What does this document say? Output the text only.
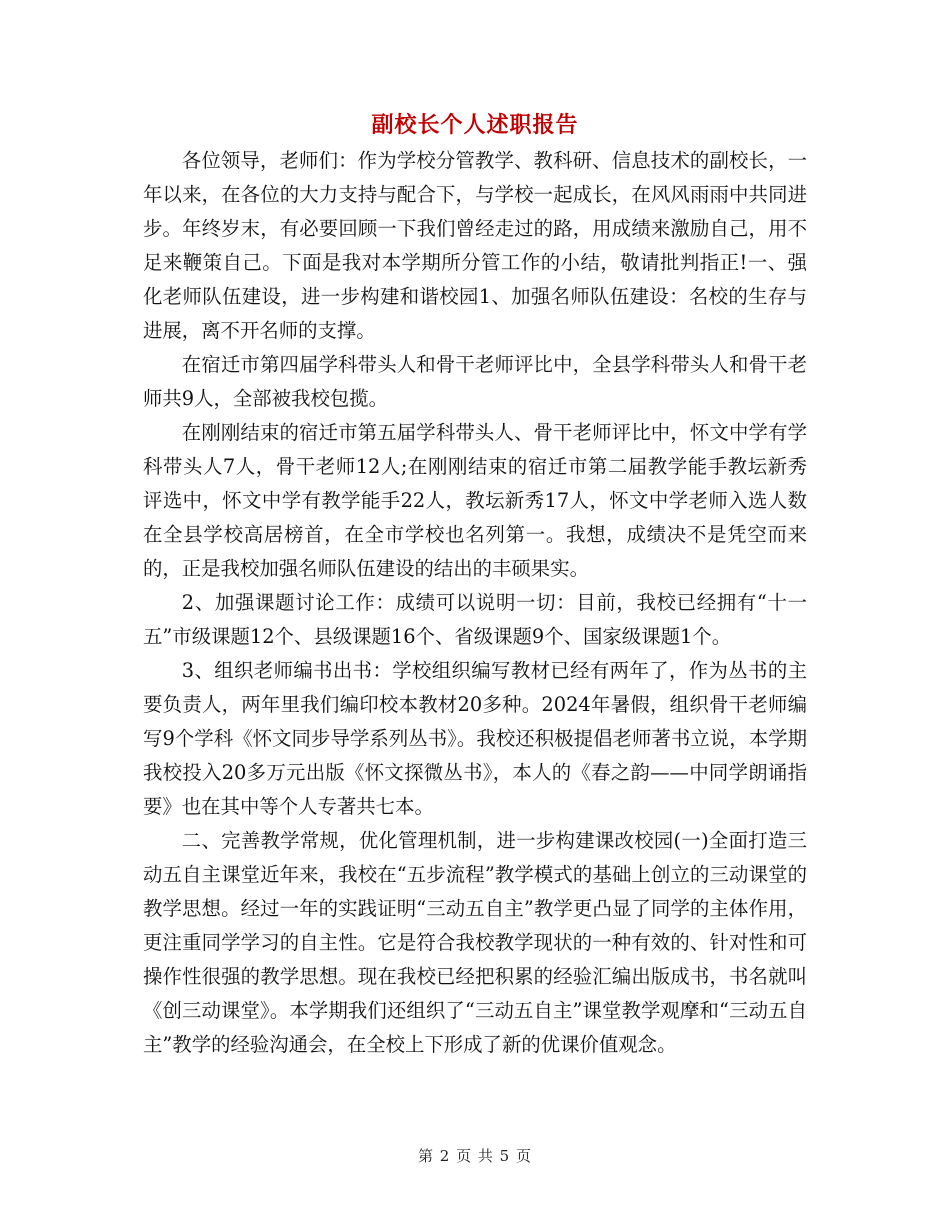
副校长个人述职报告

各位领导，老师们：作为学校分管教学、教科研、信息技术的副校长，一年以来，在各位的大力支持与配合下，与学校一起成长，在风风雨雨中共同进步。年终岁末，有必要回顾一下我们曾经走过的路，用成绩来激励自己，用不足来鞭策自己。下面是我对本学期所分管工作的小结，敬请批判指正!一、强化老师队伍建设，进一步构建和谐校园1、加强名师队伍建设：名校的生存与进展，离不开名师的支撑。

在宿迁市第四届学科带头人和骨干老师评比中，全县学科带头人和骨干老师共9人，全部被我校包揽。

在刚刚结束的宿迁市第五届学科带头人、骨干老师评比中，怀文中学有学科带头人7人，骨干老师12人;在刚刚结束的宿迁市第二届教学能手教坛新秀评选中，怀文中学有教学能手22人，教坛新秀17人，怀文中学老师入选人数在全县学校高居榜首，在全市学校也名列第一。我想，成绩决不是凭空而来的，正是我校加强名师队伍建设的结出的丰硕果实。

2、加强课题讨论工作：成绩可以说明一切：目前，我校已经拥有“十一五”市级课题12个、县级课题16个、省级课题9个、国家级课题1个。

3、组织老师编书出书：学校组织编写教材已经有两年了，作为丛书的主要负责人，两年里我们编印校本教材20多种。2024年暑假，组织骨干老师编写9个学科《怀文同步导学系列丛书》。我校还积极提倡老师著书立说，本学期我校投入20多万元出版《怀文探微丛书》，本人的《春之韵——中同学朗诵指要》也在其中等个人专著共七本。

二、完善教学常规，优化管理机制，进一步构建课改校园(一)全面打造三动五自主课堂近年来，我校在“五步流程”教学模式的基础上创立的三动课堂的教学思想。经过一年的实践证明“三动五自主”教学更凸显了同学的主体作用，更注重同学学习的自主性。它是符合我校教学现状的一种有效的、针对性和可操作性很强的教学思想。现在我校已经把积累的经验汇编出版成书，书名就叫《创三动课堂》。本学期我们还组织了“三动五自主”课堂教学观摩和“三动五自主”教学的经验沟通会，在全校上下形成了新的优课价值观念。

第 2 页 共 5 页
